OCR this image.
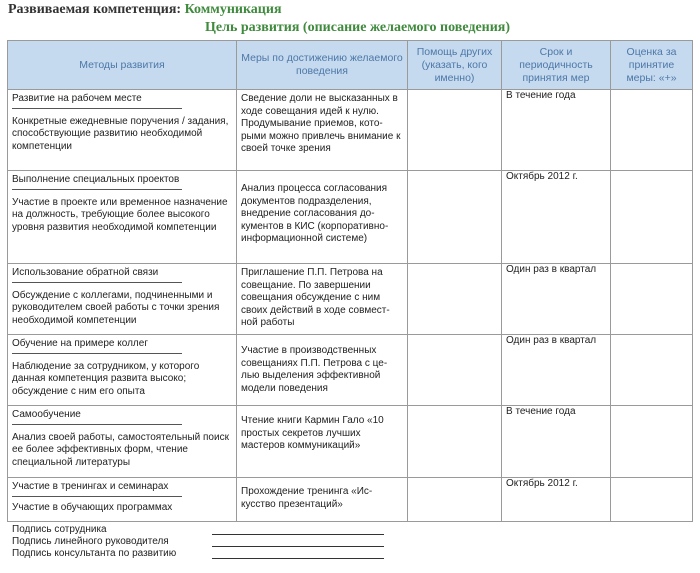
Развиваемая компетенция: Коммуникация
Цель развития (описание желаемого поведения)
Методы развития	Меры по достижению желаемого поведения	Помощь других (указать, кого именно)	Срок и периодичность принятия мер	Оценка за принятие меры: «+»

Развитие на рабочем месте
Конкретные ежедневные поручения / задания, способствующие развитию необходимой компетенции	Сведение доли не высказанных в ходе совещания идей к нулю. Продумывание приемов, которыми можно привлечь внимание к своей точке зрения		В течение года	

Выполнение специальных проектов
Участие в проекте или временное назначение на должность, требующие более высокого уровня развития необходимой компетенции	Анализ процесса согласования документов подразделения, внедрение согласования документов в КИС (корпоративно-информационной системе)		Октябрь 2012 г.	

Использование обратной связи
Обсуждение с коллегами, подчиненными и руководителем своей работы с точки зрения необходимой компетенции	Приглашение П.П. Петрова на совещание. По завершении совещания обсуждение с ним своих действий в ходе совместной работы		Один раз в квартал	

Обучение на примере коллег
Наблюдение за сотрудником, у которого данная компетенция развита высоко; обсуждение с ним его опыта	Участие в производственных совещаниях П.П. Петрова с целью выделения эффективной модели поведения		Один раз в квартал	

Самообучение
Анализ своей работы, самостоятельный поиск ее более эффективных форм, чтение специальной литературы	Чтение книги Кармин Гало «10 простых секретов лучших мастеров коммуникаций»		В течение года	

Участие в тренингах и семинарах
Участие в обучающих программах	Прохождение тренинга «Искусство презентаций»		Октябрь 2012 г.	

Подпись сотрудника
Подпись линейного руководителя
Подпись консультанта по развитию
